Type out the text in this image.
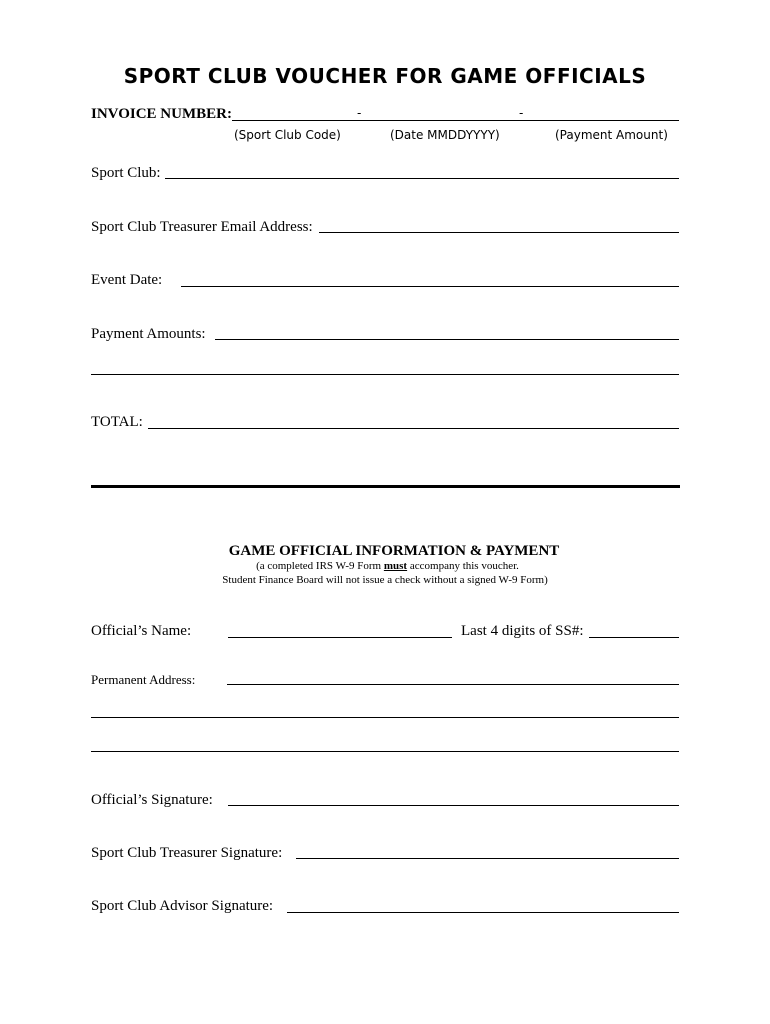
SPORT CLUB VOUCHER FOR GAME OFFICIALS
INVOICE NUMBER:	-	-
(Sport Club Code)	(Date MMDDYYYY)	(Payment Amount)
Sport Club:
Sport Club Treasurer Email Address:
Event Date:
Payment Amounts:
TOTAL:
GAME OFFICIAL INFORMATION & PAYMENT
(a completed IRS W-9 Form must accompany this voucher.
Student Finance Board will not issue a check without a signed W-9 Form)
Official’s Name:	Last 4 digits of SS#:
Permanent Address:
Official’s Signature:
Sport Club Treasurer Signature:
Sport Club Advisor Signature:
